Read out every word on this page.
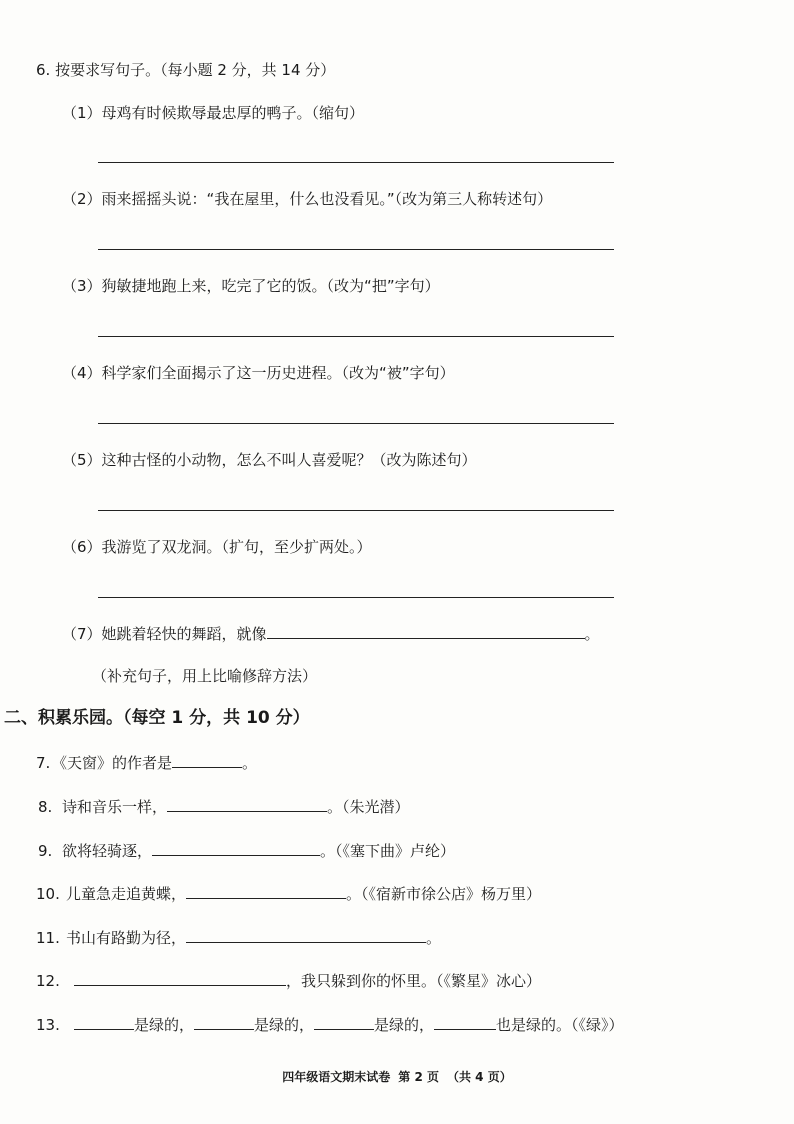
6. 按要求写句子。（每小题 2 分，共 14 分）
（1）母鸡有时候欺辱最忠厚的鸭子。（缩句）
（2）雨来摇摇头说：“我在屋里，什么也没看见。”（改为第三人称转述句）
（3）狗敏捷地跑上来，吃完了它的饭。（改为“把”字句）
（4）科学家们全面揭示了这一历史进程。（改为“被”字句）
（5）这种古怪的小动物，怎么不叫人喜爱呢？（改为陈述句）
（6）我游览了双龙洞。（扩句，至少扩两处。）
（7）她跳着轻快的舞蹈，就像	。
（补充句子，用上比喻修辞方法）
二、积累乐园。（每空 1 分，共 10 分）
7. 《天窗》的作者是	。
8. 诗和音乐一样，	。（朱光潜）
9. 欲将轻骑逐，	。（《塞下曲》卢纶）
10. 儿童急走追黄蝶，	。（《宿新市徐公店》杨万里）
11. 书山有路勤为径，	。
12.	，我只躲到你的怀里。（《繁星》冰心）
13.	是绿的，	是绿的，	是绿的，	也是绿的。（《绿》）
四年级语文期末试卷 第 2 页 （共 4 页）
